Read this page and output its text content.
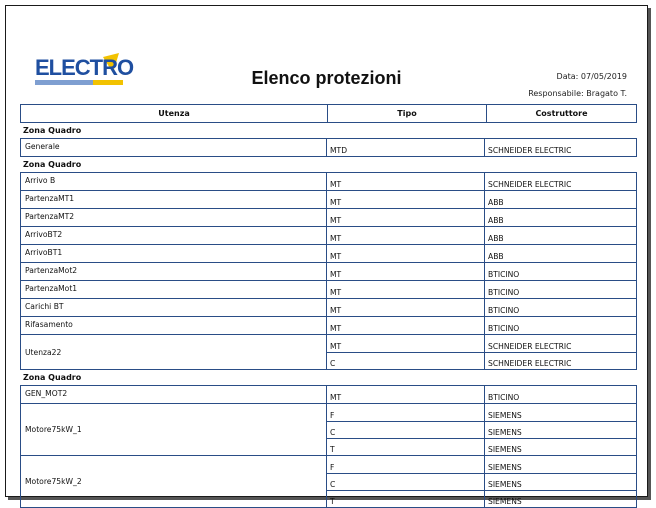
ELECTRO	Elenco protezioni	Data: 07/05/2019
Responsabile: Bragato T.
Utenza	Tipo	Costruttore
Zona Quadro
Generale	MTD	SCHNEIDER ELECTRIC
Zona Quadro
Arrivo B	MT	SCHNEIDER ELECTRIC
PartenzaMT1	MT	ABB
PartenzaMT2	MT	ABB
ArrivoBT2	MT	ABB
ArrivoBT1	MT	ABB
PartenzaMot2	MT	BTICINO
PartenzaMot1	MT	BTICINO
Carichi BT	MT	BTICINO
Rifasamento	MT	BTICINO
Utenza22
MT	SCHNEIDER ELECTRIC
C	SCHNEIDER ELECTRIC
Zona Quadro
GEN_MOT2	MT	BTICINO
Motore75kW_1
F	SIEMENS
C	SIEMENS
T	SIEMENS
Motore75kW_2
F	SIEMENS
C	SIEMENS
T	SIEMENS
